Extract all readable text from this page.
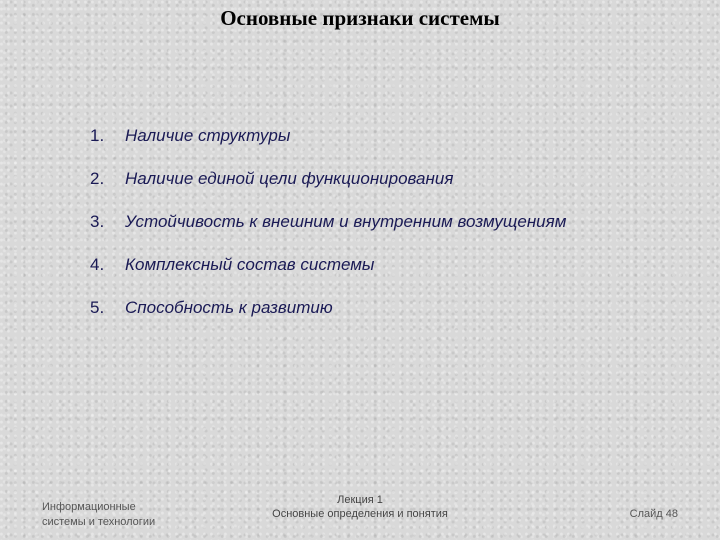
Основные признаки системы
1.	Наличие структуры
2.	Наличие единой цели функционирования
3.	Устойчивость к внешним и внутренним возмущениям
4.	Комплексный состав системы
5.	Способность к развитию
Информационные
системы и технологии
Лекция 1
Основные определения и понятия	Слайд 48
